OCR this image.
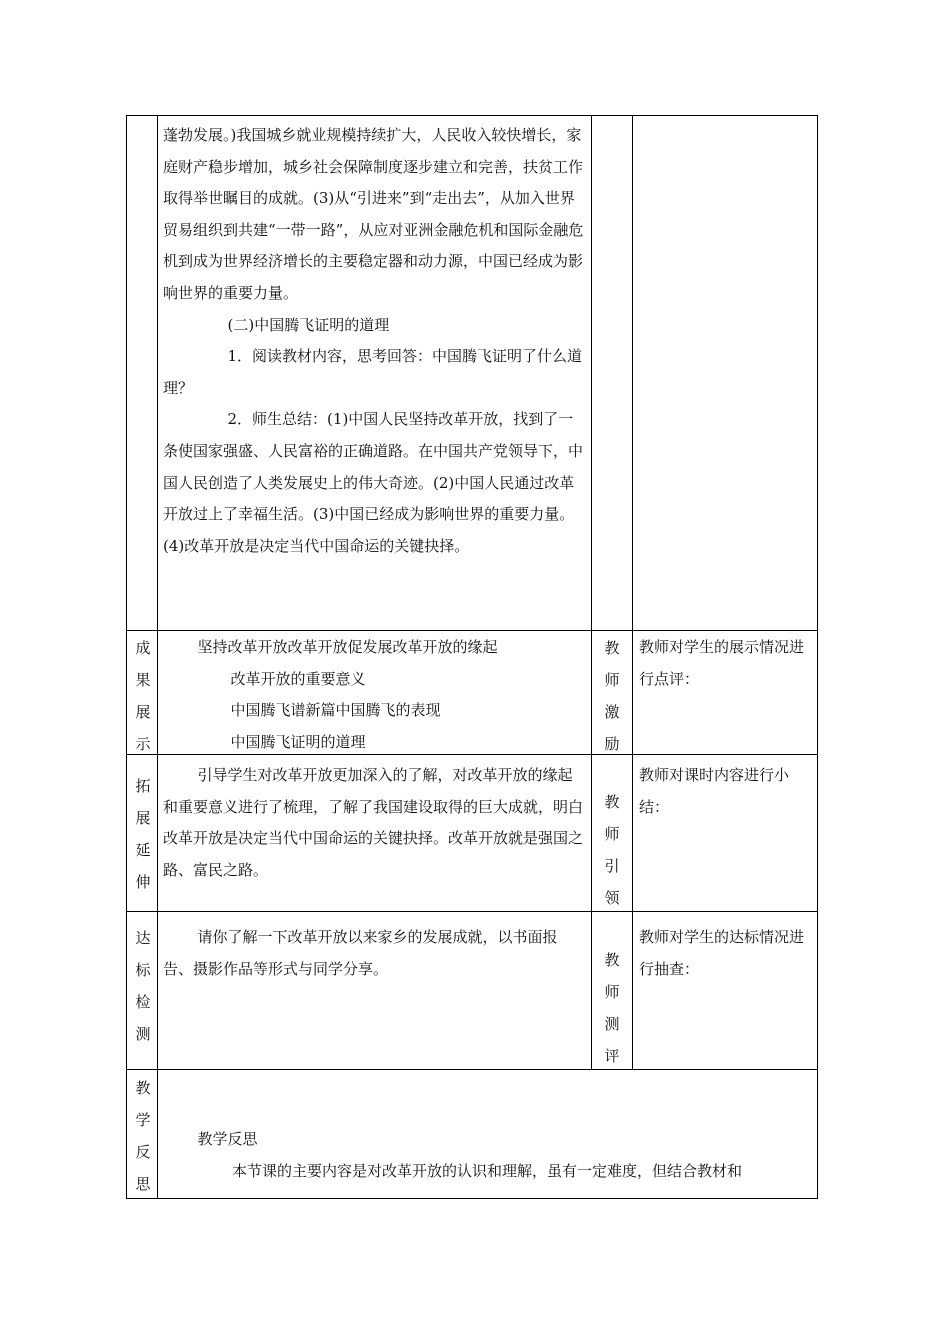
蓬勃发展。)我国城乡就业规模持续扩大，人民收入较快增长，家庭财产稳步增加，城乡社会保障制度逐步建立和完善，扶贫工作取得举世瞩目的成就。(3)从“引进来”到“走出去”，从加入世界贸易组织到共建“一带一路”，从应对亚洲金融危机和国际金融危机到成为世界经济增长的主要稳定器和动力源，中国已经成为影响世界的重要力量。

(二)中国腾飞证明的道理

1．阅读教材内容，思考回答：中国腾飞证明了什么道理？

2．师生总结：(1)中国人民坚持改革开放，找到了一条使国家强盛、人民富裕的正确道路。在中国共产党领导下，中国人民创造了人类发展史上的伟大奇迹。(2)中国人民通过改革开放过上了幸福生活。(3)中国已经成为影响世界的重要力量。(4)改革开放是决定当代中国命运的关键抉择。

成
果
展
示

坚持改革开放改革开放促发展改革开放的缘起

改革开放的重要意义

中国腾飞谱新篇中国腾飞的表现

中国腾飞证明的道理

教
师
激
励
教师对学生的展示情况进行点评：
拓
展
延
伸

引导学生对改革开放更加深入的了解，对改革开放的缘起和重要意义进行了梳理，了解了我国建设取得的巨大成就，明白改革开放是决定当代中国命运的关键抉择。改革开放就是强国之路、富民之路。

教
师
引
领
教师对课时内容进行小结：
达
标
检
测

请你了解一下改革开放以来家乡的发展成就，以书面报告、摄影作品等形式与同学分享。	教
师
测
评
教师对学生的达标情况进行抽查：
教
学
反
思

教学反思

本节课的主要内容是对改革开放的认识和理解，虽有一定难度，但结合教材和
